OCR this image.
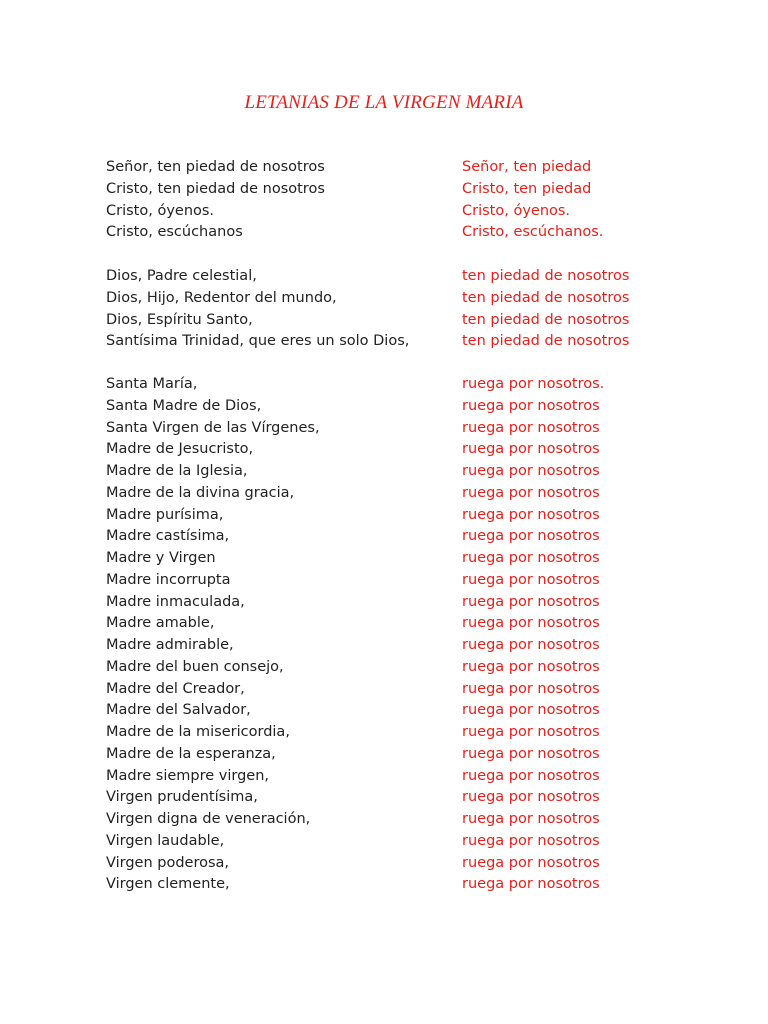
LETANIAS DE LA VIRGEN MARIA
Señor, ten piedad de nosotros	Señor, ten piedad
Cristo, ten piedad de nosotros	Cristo, ten piedad
Cristo, óyenos.	Cristo, óyenos.
Cristo, escúchanos	Cristo, escúchanos.
Dios, Padre celestial,	ten piedad de nosotros
Dios, Hijo, Redentor del mundo,	ten piedad de nosotros
Dios, Espíritu Santo,	ten piedad de nosotros
Santísima Trinidad, que eres un solo Dios,	ten piedad de nosotros
Santa María,	ruega por nosotros.
Santa Madre de Dios,	ruega por nosotros
Santa Virgen de las Vírgenes,	ruega por nosotros
Madre de Jesucristo,	ruega por nosotros
Madre de la Iglesia,	ruega por nosotros
Madre de la divina gracia,	ruega por nosotros
Madre purísima,	ruega por nosotros
Madre castísima,	ruega por nosotros
Madre y Virgen	ruega por nosotros
Madre incorrupta	ruega por nosotros
Madre inmaculada,	ruega por nosotros
Madre amable,	ruega por nosotros
Madre admirable,	ruega por nosotros
Madre del buen consejo,	ruega por nosotros
Madre del Creador,	ruega por nosotros
Madre del Salvador,	ruega por nosotros
Madre de la misericordia,	ruega por nosotros
Madre de la esperanza,	ruega por nosotros
Madre siempre virgen,	ruega por nosotros
Virgen prudentísima,	ruega por nosotros
Virgen digna de veneración,	ruega por nosotros
Virgen laudable,	ruega por nosotros
Virgen poderosa,	ruega por nosotros
Virgen clemente,	ruega por nosotros
